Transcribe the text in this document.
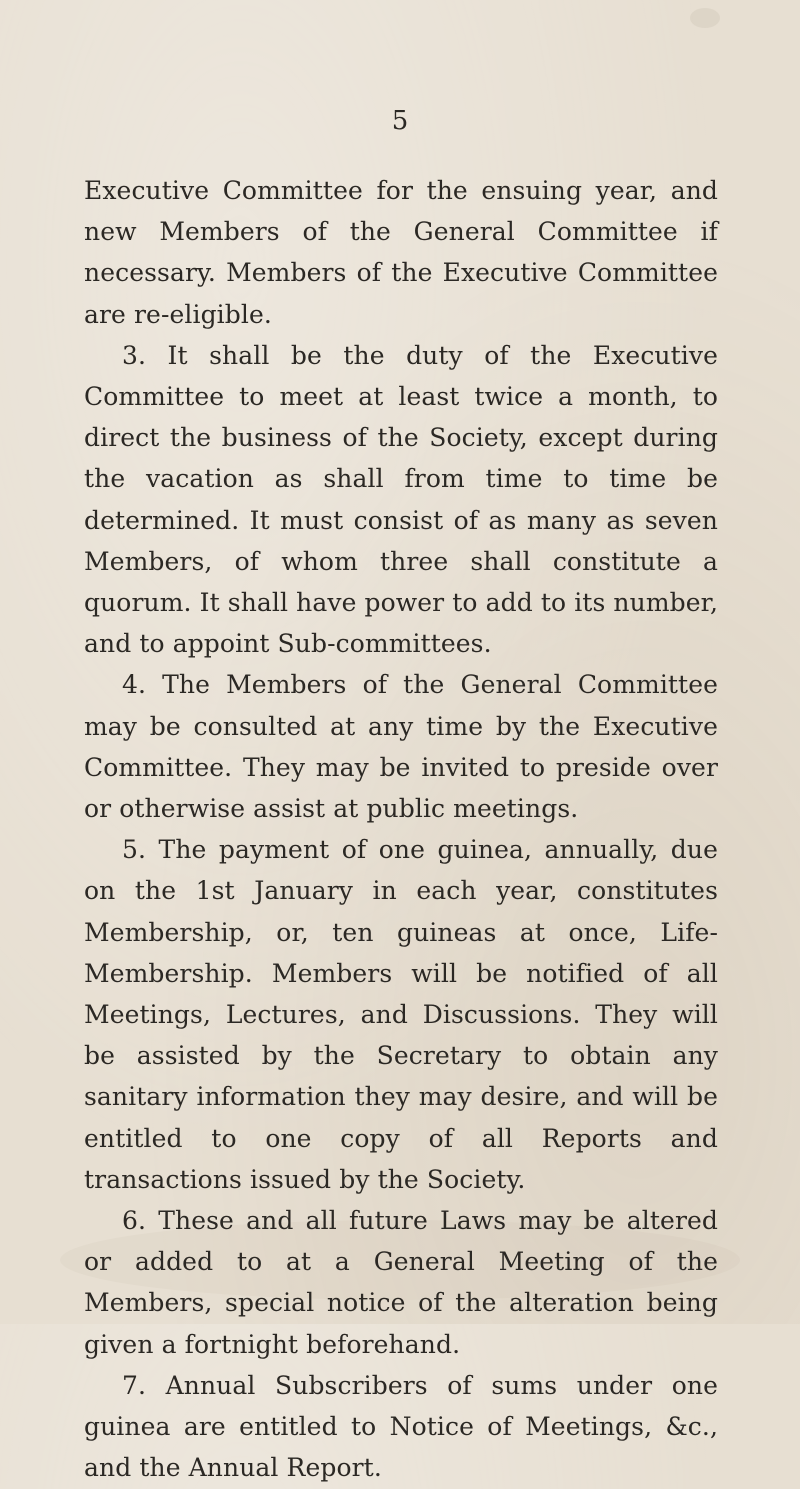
5

Executive Committee for the ensuing year, and new Members of the General Committee if necessary. Members of the Executive Committee are re-eligible.

3. It shall be the duty of the Executive Committee to meet at least twice a month, to direct the business of the Society, except during the vacation as shall from time to time be determined. It must consist of as many as seven Members, of whom three shall constitute a quorum. It shall have power to add to its number, and to appoint Sub-committees.

4. The Members of the General Committee may be consulted at any time by the Executive Committee. They may be invited to preside over or otherwise assist at public meetings.

5. The payment of one guinea, annually, due on the 1st January in each year, constitutes Membership, or, ten guineas at once, Life-Membership. Members will be notified of all Meetings, Lectures, and Discussions. They will be assisted by the Secretary to obtain any sanitary information they may desire, and will be entitled to one copy of all Reports and transactions issued by the Society.

6. These and all future Laws may be altered or added to at a General Meeting of the Members, special notice of the alteration being given a fortnight beforehand.

7. Annual Subscribers of sums under one guinea are entitled to Notice of Meetings, &c., and the Annual Report.
